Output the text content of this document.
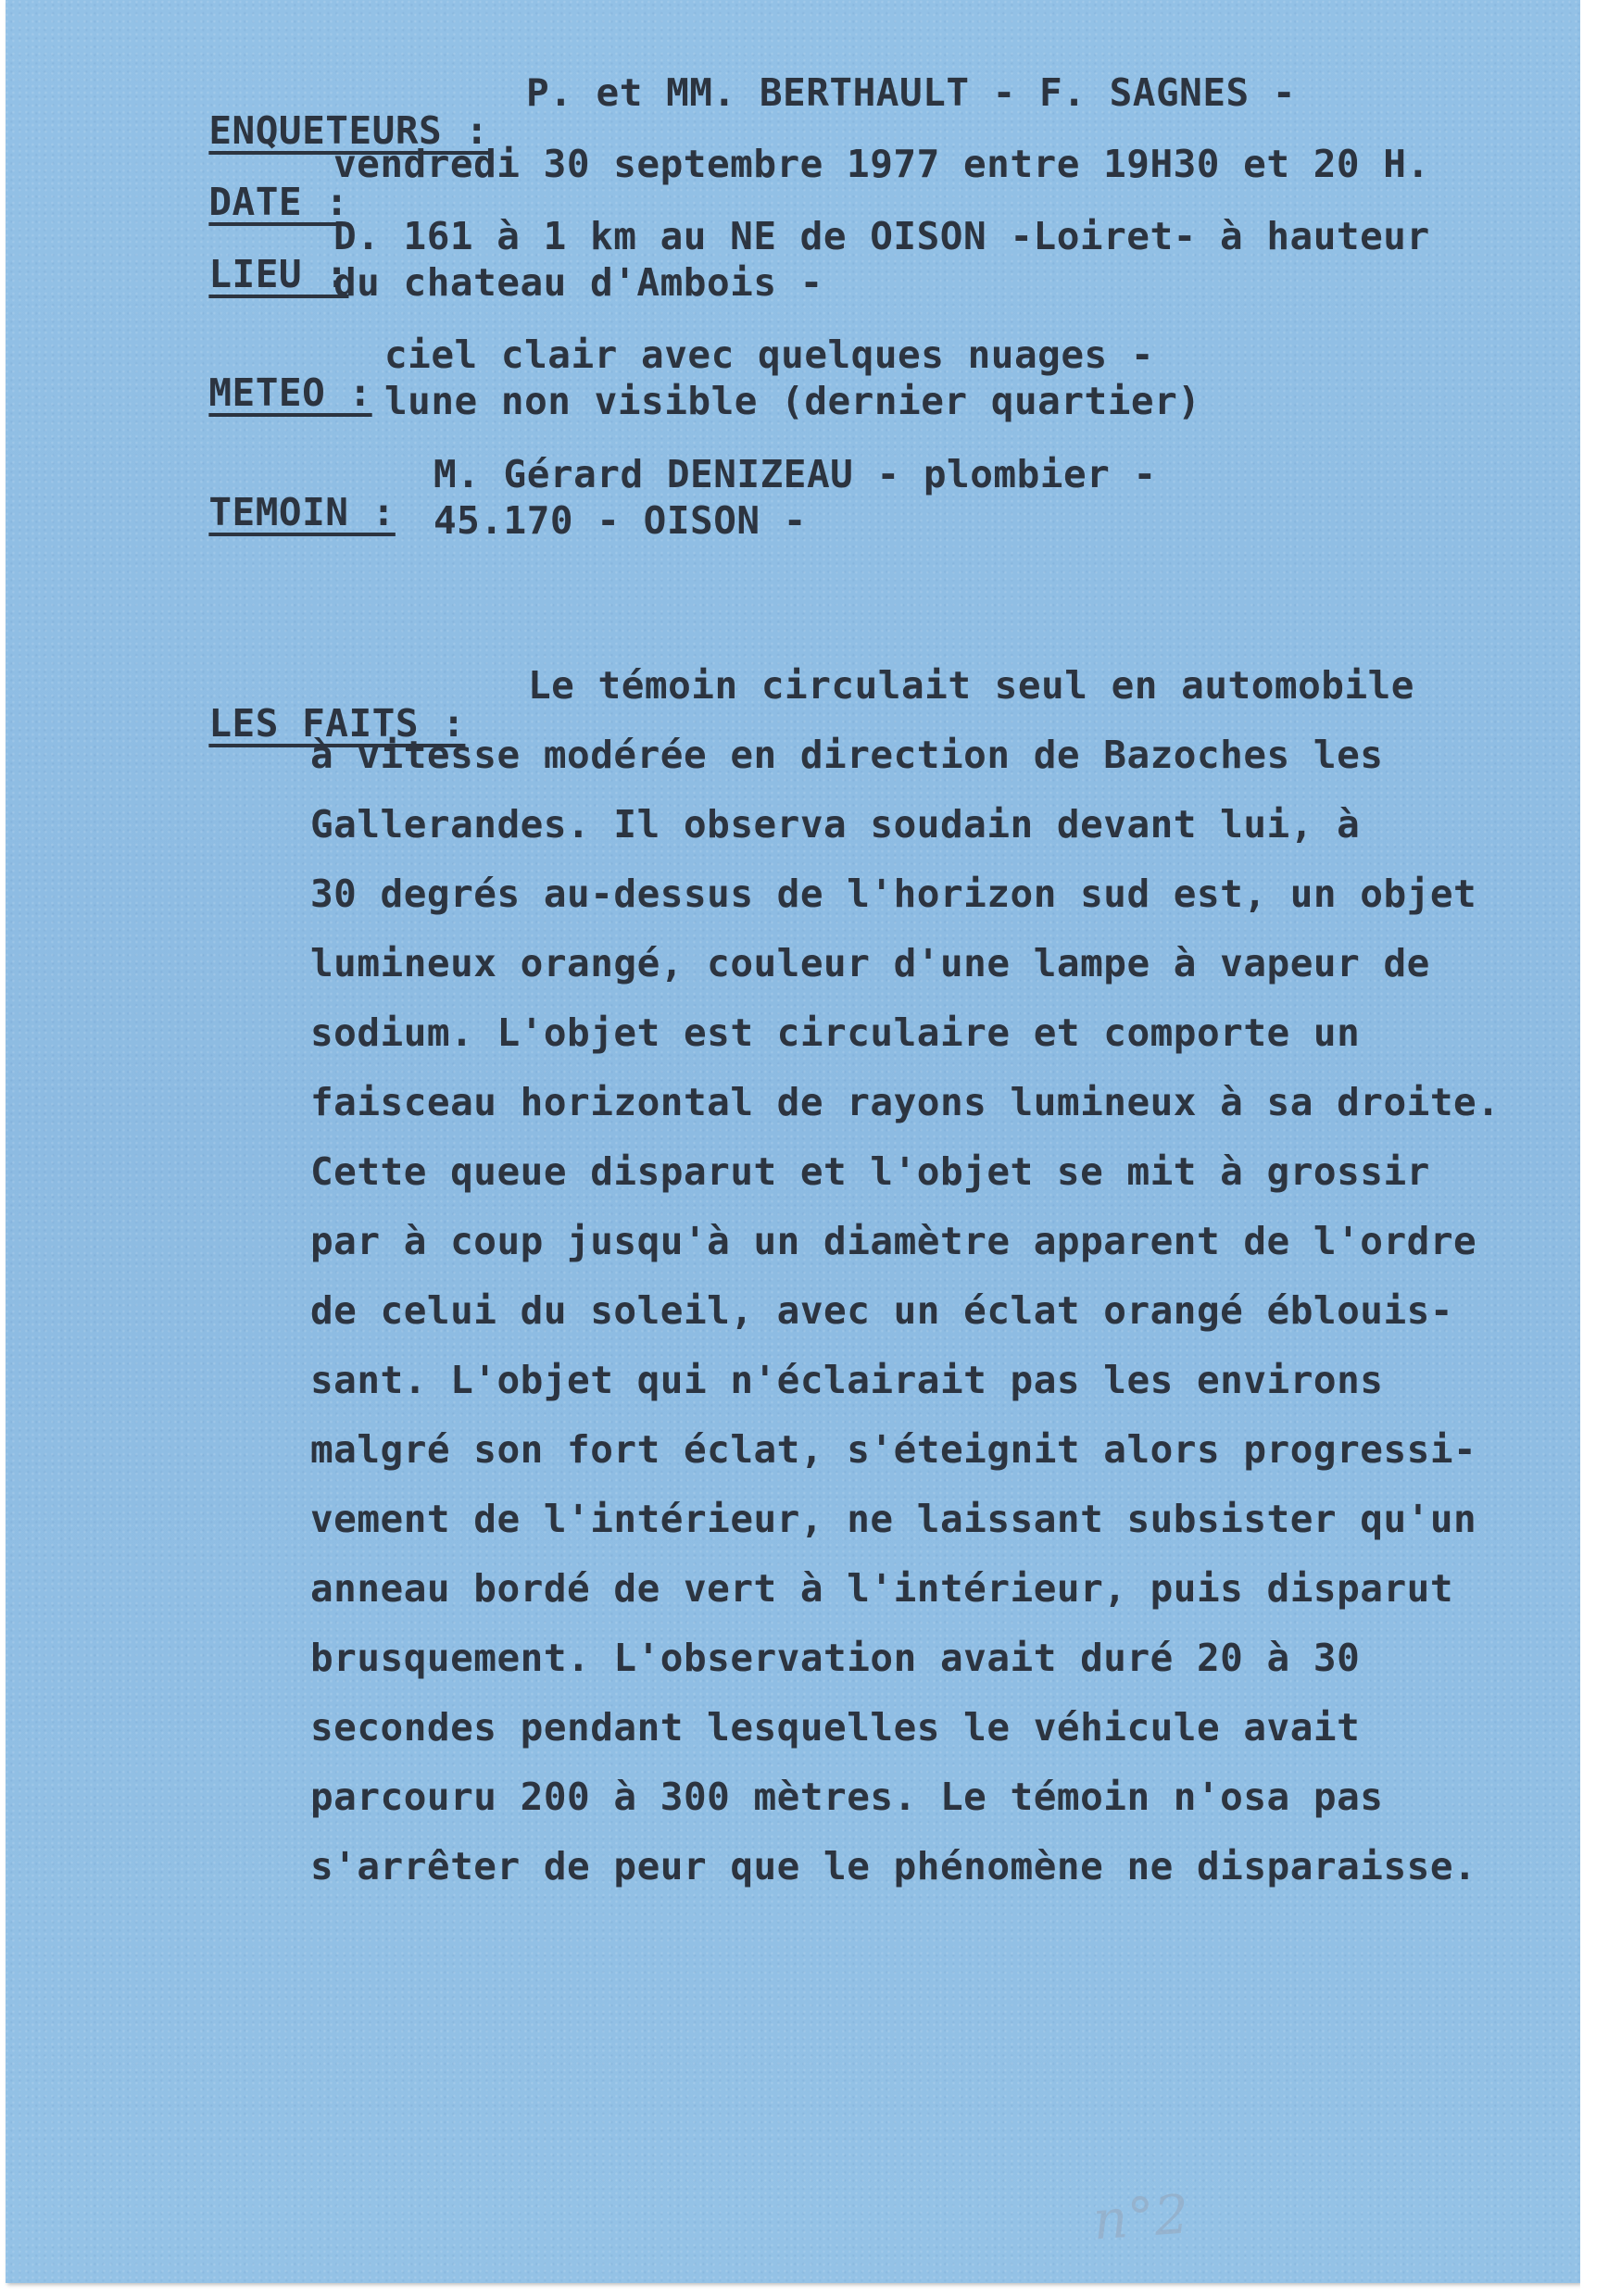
ENQUETEURS :

P. et MM. BERTHAULT - F. SAGNES -

DATE :

vendredi 30 septembre 1977 entre 19H30 et 20 H.

LIEU :

D. 161 à 1 km au NE de OISON -Loiret- à hauteur
du chateau d'Ambois -

METEO :

ciel clair avec quelques nuages -
lune non visible (dernier quartier)

TEMOIN :

M. Gérard DENIZEAU - plombier -
45.170 - OISON -

LES FAITS :

Le témoin circulait seul en automobile
à vitesse modérée en direction de Bazoches les
Gallerandes. Il observa soudain devant lui, à
30 degrés au-dessus de l'horizon sud est, un objet
lumineux orangé, couleur d'une lampe à vapeur de
sodium. L'objet est circulaire et comporte un
faisceau horizontal de rayons lumineux à sa droite.
Cette queue disparut et l'objet se mit à grossir
par à coup jusqu'à un diamètre apparent de l'ordre
de celui du soleil, avec un éclat orangé éblouis-
sant. L'objet qui n'éclairait pas les environs
malgré son fort éclat, s'éteignit alors progressi-
vement de l'intérieur, ne laissant subsister qu'un
anneau bordé de vert à l'intérieur, puis disparut
brusquement. L'observation avait duré 20 à 30
secondes pendant lesquelles le véhicule avait
parcouru 200 à 300 mètres. Le témoin n'osa pas
s'arrêter de peur que le phénomène ne disparaisse.
n°2
